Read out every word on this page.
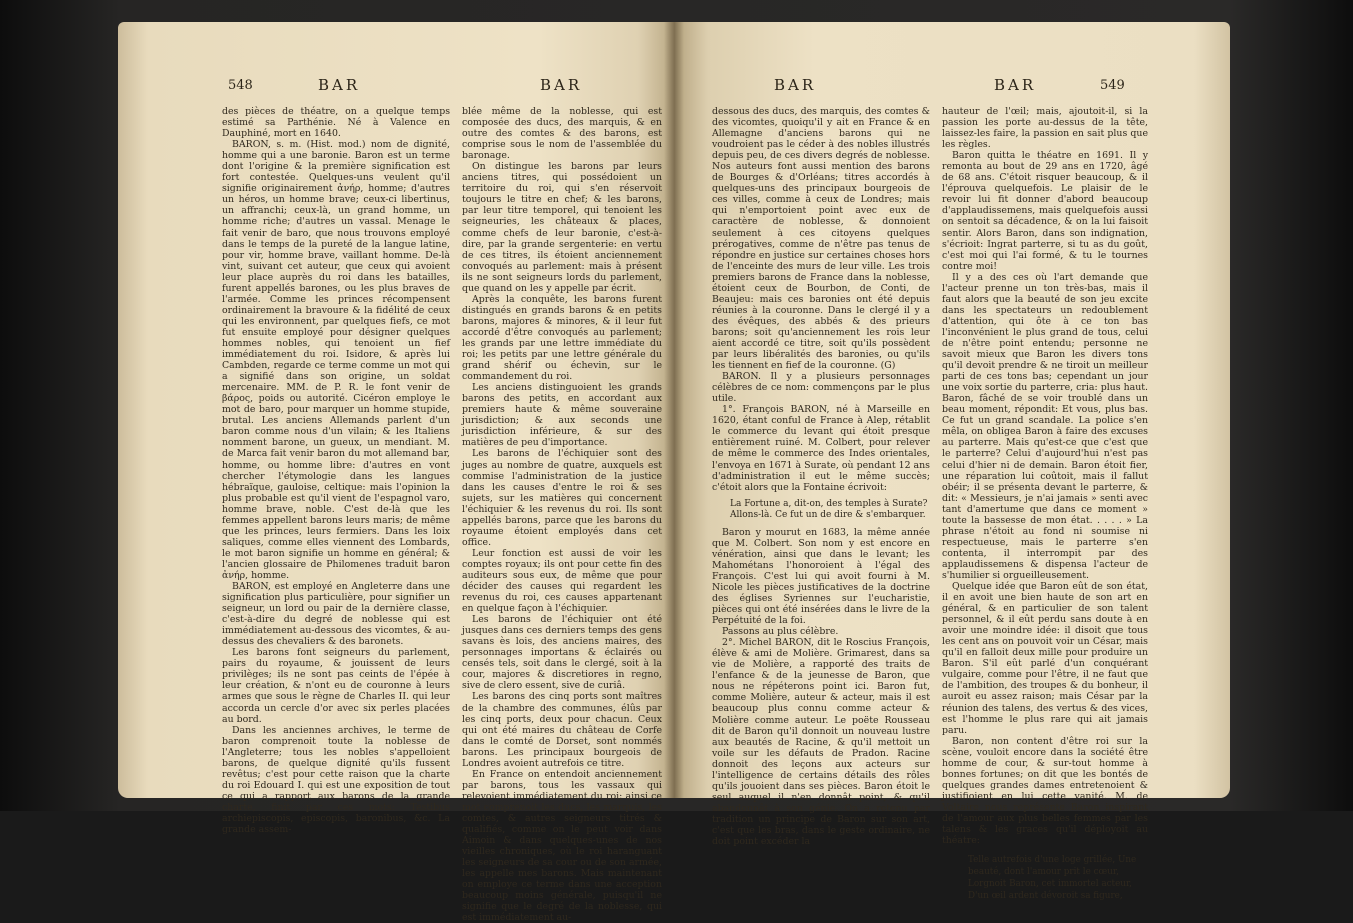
548	BAR	BAR

des pièces de théatre, on a quelque temps estimé sa Parthénie. Né à Valence en Dauphiné, mort en 1640.

BARON, s. m. (Hist. mod.) nom de dignité, homme qui a une baronie. Baron est un terme dont l'origine & la première signification est fort contestée. Quelques-uns veulent qu'il signifie originairement ἀνήρ, homme; d'autres un héros, un homme brave; ceux-ci libertinus, un affranchi; ceux-là, un grand homme, un homme riche; d'autres un vassal. Menage le fait venir de baro, que nous trouvons employé dans le temps de la pureté de la langue latine, pour vir, homme brave, vaillant homme. De-là vint, suivant cet auteur, que ceux qui avoient leur place auprès du roi dans les batailles, furent appellés barones, ou les plus braves de l'armée. Comme les princes récompensent ordinairement la bravoure & la fidélité de ceux qui les environnent, par quelques fiefs, ce mot fut ensuite employé pour désigner quelques hommes nobles, qui tenoient un fief immédiatement du roi. Isidore, & après lui Cambden, regarde ce terme comme un mot qui a signifié dans son origine, un soldat mercenaire. MM. de P. R. le font venir de βάρος, poids ou autorité. Cicéron employe le mot de baro, pour marquer un homme stupide, brutal. Les anciens Allemands parlent d'un baron comme nous d'un vilain; & les Italiens nomment barone, un gueux, un mendiant. M. de Marca fait venir baron du mot allemand bar, homme, ou homme libre: d'autres en vont chercher l'étymologie dans les langues hébraïque, gauloise, celtique: mais l'opinion la plus probable est qu'il vient de l'espagnol varo, homme brave, noble. C'est de-là que les femmes appellent barons leurs maris; de même que les princes, leurs fermiers. Dans les loix saliques, comme elles viennent des Lombards, le mot baron signifie un homme en général; & l'ancien glossaire de Philomenes traduit baron ἀνήρ, homme.

BARON, est employé en Angleterre dans une signification plus particulière, pour signifier un seigneur, un lord ou pair de la dernière classe, c'est-à-dire du degré de noblesse qui est immédiatement au-dessous des vicomtes, & au-dessus des chevaliers & des baronets.

Les barons font seigneurs du parlement, pairs du royaume, & jouissent de leurs privilèges; ils ne sont pas ceints de l'épée à leur création, & n'ont eu de couronne à leurs armes que sous le règne de Charles II. qui leur accorda un cercle d'or avec six perles placées au bord.

Dans les anciennes archives, le terme de baron comprenoit toute la noblesse de l'Angleterre; tous les nobles s'appelloient barons, de quelque dignité qu'ils fussent revêtus; c'est pour cette raison que la charte du roi Edouard I. qui est une exposition de tout ce qui a rapport aux barons de la grande charte, finit par ces mots: Testibus archiepiscopis, episcopis, baronibus, &c. La grande assem-

blée même de la noblesse, qui est composée des ducs, des marquis, & en outre des comtes & des barons, est comprise sous le nom de l'assemblée du baronage.

On distingue les barons par leurs anciens titres, qui possédoient un territoire du roi, qui s'en réservoit toujours le titre en chef; & les barons, par leur titre temporel, qui tenoient les seigneuries, les châteaux & places, comme chefs de leur baronie, c'est-à-dire, par la grande sergenterie: en vertu de ces titres, ils étoient anciennement convoqués au parlement: mais à présent ils ne sont seigneurs lords du parlement, que quand on les y appelle par écrit.

Après la conquête, les barons furent distingués en grands barons & en petits barons, majores & minores, & il leur fut accordé d'être convoqués au parlement; les grands par une lettre immédiate du roi; les petits par une lettre générale du grand shérif ou échevin, sur le commandement du roi.

Les anciens distinguoient les grands barons des petits, en accordant aux premiers haute & même souveraine jurisdiction; & aux seconds une jurisdiction inférieure, & sur des matières de peu d'importance.

Les barons de l'échiquier sont des juges au nombre de quatre, auxquels est commise l'administration de la justice dans les causes d'entre le roi & ses sujets, sur les matières qui concernent l'échiquier & les revenus du roi. Ils sont appellés barons, parce que les barons du royaume étoient employés dans cet office.

Leur fonction est aussi de voir les comptes royaux; ils ont pour cette fin des auditeurs sous eux, de même que pour décider des causes qui regardent les revenus du roi, ces causes appartenant en quelque façon à l'échiquier.

Les barons de l'échiquier ont été jusques dans ces derniers temps des gens savans ès lois, des anciens maires, des personnages importans & éclairés ou censés tels, soit dans le clergé, soit à la cour, majores & discretiores in regno, sive de clero essent, sive de curiâ.

Les barons des cinq ports sont maîtres de la chambre des communes, élûs par les cinq ports, deux pour chacun. Ceux qui ont été maires du château de Corfe dans le comté de Dorset, sont nommés barons. Les principaux bourgeois de Londres avoient autrefois ce titre.

En France on entendoit anciennement par barons, tous les vassaux qui relevoient immédiatement du roi; ainsi ce mot comprenoit les ducs, les marquis, les comtes, & autres seigneurs titrés & qualifiés, comme on le peut voir dans Aimoin & dans quelques-unes de nos vieilles chroniques, où le roi haranguant les seigneurs de sa cour ou de son armée, les appelle mes barons. Mais maintenant on employe ce terme dans une acception beaucoup moins générale, puisqu'il ne signifie que le degré de la noblesse, qui est immédiatement au-

BAR	BAR	549

dessous des ducs, des marquis, des comtes & des vicomtes, quoiqu'il y ait en France & en Allemagne d'anciens barons qui ne voudroient pas le céder à des nobles illustrés depuis peu, de ces divers degrés de noblesse. Nos auteurs font aussi mention des barons de Bourges & d'Orléans; titres accordés à quelques-uns des principaux bourgeois de ces villes, comme à ceux de Londres; mais qui n'emportoient point avec eux de caractère de noblesse, & donnoient seulement à ces citoyens quelques prérogatives, comme de n'être pas tenus de répondre en justice sur certaines choses hors de l'enceinte des murs de leur ville. Les trois premiers barons de France dans la noblesse, étoient ceux de Bourbon, de Conti, de Beaujeu: mais ces baronies ont été depuis réunies à la couronne. Dans le clergé il y a des évêques, des abbés & des prieurs barons; soit qu'anciennement les rois leur aient accordé ce titre, soit qu'ils possèdent par leurs libéralités des baronies, ou qu'ils les tiennent en fief de la couronne. (G)

BARON. Il y a plusieurs personnages célèbres de ce nom: commençons par le plus utile.

1°. François BARON, né à Marseille en 1620, étant conful de France à Alep, rétablit le commerce du levant qui étoit presque entièrement ruiné. M. Colbert, pour relever de même le commerce des Indes orientales, l'envoya en 1671 à Surate, où pendant 12 ans d'administration il eut le même succès; c'étoit alors que la Fontaine écrivoit:

La Fortune a, dit-on, des temples à Surate? Allons-là. Ce fut un de dire & s'embarquer.

Baron y mourut en 1683, la même année que M. Colbert. Son nom y est encore en vénération, ainsi que dans le levant; les Mahométans l'honoroient à l'égal des François. C'est lui qui avoit fourni à M. Nicole les pièces justificatives de la doctrine des églises Syriennes sur l'eucharistie, pièces qui ont été insérées dans le livre de la Perpétuité de la foi.

Passons au plus célèbre.

2°. Michel BARON, dit le Roscius François, élève & ami de Molière. Grimarest, dans sa vie de Molière, a rapporté des traits de l'enfance & de la jeunesse de Baron, que nous ne répéterons point ici. Baron fut, comme Molière, auteur & acteur, mais il est beaucoup plus connu comme acteur & Molière comme auteur. Le poëte Rousseau dit de Baron qu'il donnoit un nouveau lustre aux beautés de Racine, & qu'il mettoit un voile sur les défauts de Pradon. Racine donnoit des leçons aux acteurs sur l'intelligence de certains détails des rôles qu'ils jouoient dans ses pièces. Baron étoit le seul auquel il n'en donnât point, & qu'il abandonnât à son génie. On a retenu par tradition un principe de Baron sur son art, c'est que les bras, dans le geste ordinaire, ne doit point excéder la

hauteur de l'œil; mais, ajoutoit-il, si la passion les porte au-dessus de la tête, laissez-les faire, la passion en sait plus que les règles.

Baron quitta le théatre en 1691. Il y remonta au bout de 29 ans en 1720, âgé de 68 ans. C'étoit risquer beaucoup, & il l'éprouva quelquefois. Le plaisir de le revoir lui fit donner d'abord beaucoup d'applaudissemens, mais quelquefois aussi on sentoit sa décadence, & on la lui faisoit sentir. Alors Baron, dans son indignation, s'écrioit: Ingrat parterre, si tu as du goût, c'est moi qui l'ai formé, & tu le tournes contre moi!

Il y a des ces où l'art demande que l'acteur prenne un ton très-bas, mais il faut alors que la beauté de son jeu excite dans les spectateurs un redoublement d'attention, qui ôte à ce ton bas l'inconvénient le plus grand de tous, celui de n'être point entendu; personne ne savoit mieux que Baron les divers tons qu'il devoit prendre & ne tiroit un meilleur parti de ces tons bas; cependant un jour une voix sortie du parterre, cria: plus haut. Baron, fâché de se voir troublé dans un beau moment, répondit: Et vous, plus bas. Ce fut un grand scandale. La police s'en mêla, on obligea Baron à faire des excuses au parterre. Mais qu'est-ce que c'est que le parterre? Celui d'aujourd'hui n'est pas celui d'hier ni de demain. Baron étoit fier, une réparation lui coûtoit, mais il fallut obéir; il se présenta devant le parterre, & dit: « Messieurs, je n'ai jamais » senti avec tant d'amertume que dans ce moment » toute la bassesse de mon état. . . . . » La phrase n'étoit au fond ni soumise ni respectueuse, mais le parterre s'en contenta, il interrompit par des applaudissemens & dispensa l'acteur de s'humilier si orgueilleusement.

Quelque idée que Baron eût de son état, il en avoit une bien haute de son art en général, & en particulier de son talent personnel, & il eût perdu sans doute à en avoir une moindre idée: il disoit que tous les cent ans on pouvoit voir un César, mais qu'il en falloit deux mille pour produire un Baron. S'il eût parlé d'un conquérant vulgaire, comme pour l'être, il ne faut que de l'ambition, des troupes & du bonheur, il auroit eu assez raison; mais César par la réunion des talens, des vertus & des vices, est l'homme le plus rare qui ait jamais paru.

Baron, non content d'être roi sur la scène, vouloit encore dans la société être homme de cour, & sur-tout homme à bonnes fortunes; on dit que les bontés de quelques grandes dames entretenoient & justifioient en lui cette vanité. M. de Voltaire nous représente Baron inspirant de l'amour aux plus belles femmes par les talens & les graces qu'il déployoit au théatre:

Telle autrefois d'une loge grillée, Une beauté, dont l'amour prit le cœur, Lorgnoit Baron, cet immortel acteur, D'un œil ardent dévoroit sa figure,
